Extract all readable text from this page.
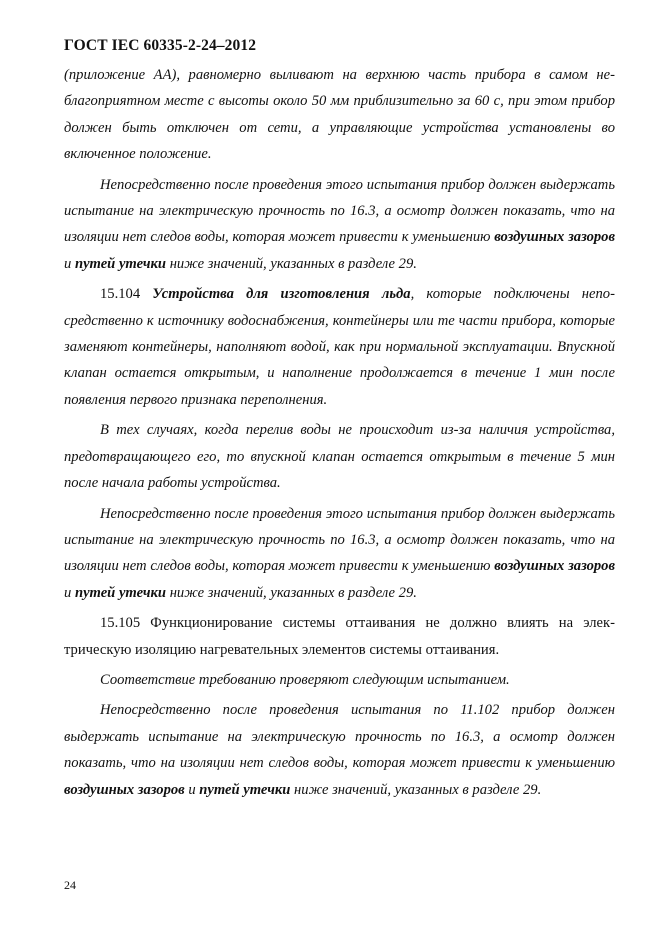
ГОСТ IEC 60335-2-24–2012

(приложение АА), равномерно выливают на верхнюю часть прибора в самом неблагоприятном месте с высоты около 50 мм приблизительно за 60 с, при этом прибор должен быть отключен от сети, а управляющие устройства установлены во включенное положение.

Непосредственно после проведения этого испытания прибор должен выдержать испытание на электрическую прочность по 16.3, а осмотр должен показать, что на изоляции нет следов воды, которая может привести к уменьшению воздушных зазоров и путей утечки ниже значений, указанных в разделе 29.

15.104 Устройства для изготовления льда, которые подключены непосредственно к источнику водоснабжения, контейнеры или те части прибора, которые заменяют контейнеры, наполняют водой, как при нормальной эксплуатации. Впускной клапан остается открытым, и наполнение продолжается в течение 1 мин после появления первого признака переполнения.

В тех случаях, когда перелив воды не происходит из-за наличия устройства, предотвращающего его, то впускной клапан остается открытым в течение 5 мин после начала работы устройства.

Непосредственно после проведения этого испытания прибор должен выдержать испытание на электрическую прочность по 16.3, а осмотр должен показать, что на изоляции нет следов воды, которая может привести к уменьшению воздушных зазоров и путей утечки ниже значений, указанных в разделе 29.

15.105 Функционирование системы оттаивания не должно влиять на электрическую изоляцию нагревательных элементов системы оттаивания.

Соответствие требованию проверяют следующим испытанием.

Непосредственно после проведения испытания по 11.102 прибор должен выдержать испытание на электрическую прочность по 16.3, а осмотр должен показать, что на изоляции нет следов воды, которая может привести к уменьшению воздушных зазоров и путей утечки ниже значений, указанных в разделе 29.

24
